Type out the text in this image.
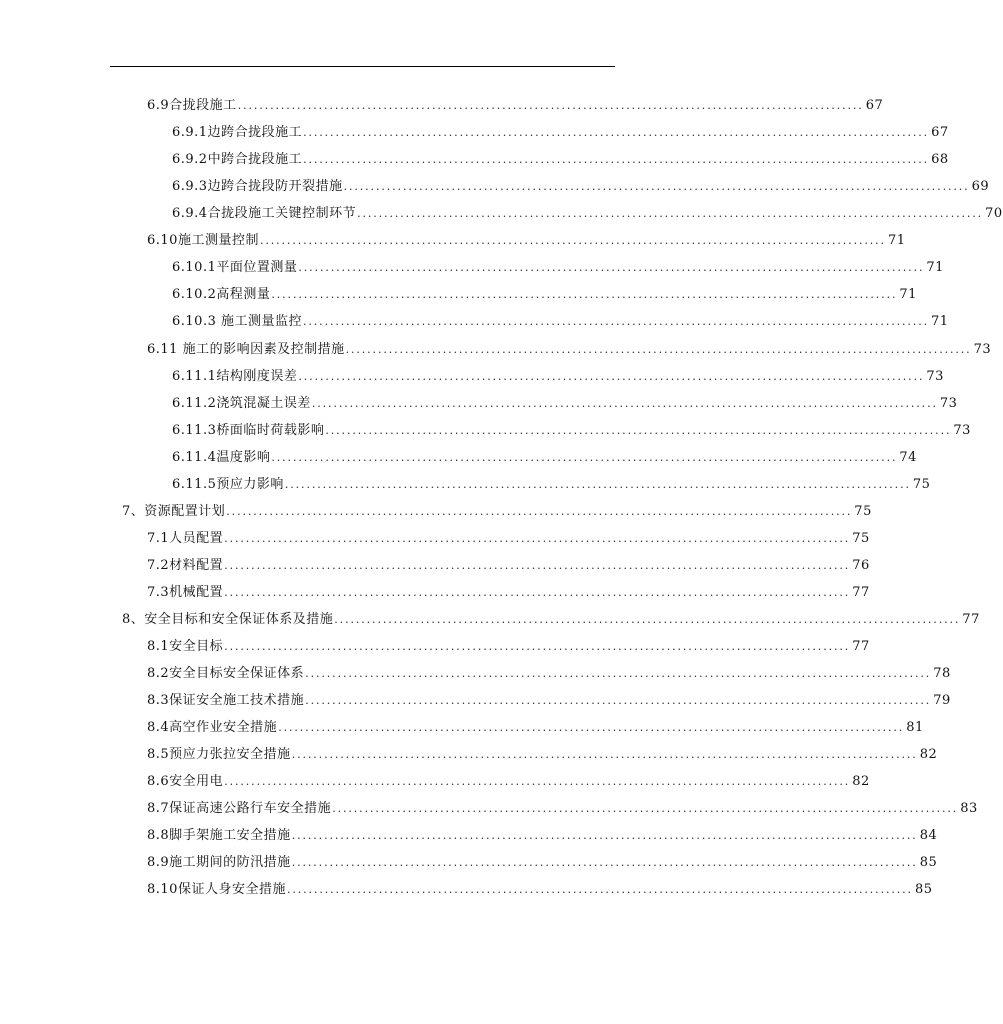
6.9合拢段施工 .................................................................................................................... 67
6.9.1边跨合拢段施工 .................................................................................................................... 67
6.9.2中跨合拢段施工 .................................................................................................................... 68
6.9.3边跨合拢段防开裂措施 .................................................................................................................... 69
6.9.4合拢段施工关键控制环节 .................................................................................................................... 70
6.10施工测量控制 .................................................................................................................... 71
6.10.1平面位置测量 .................................................................................................................... 71
6.10.2高程测量 .................................................................................................................... 71
6.10.3 施工测量监控 .................................................................................................................... 71
6.11 施工的影响因素及控制措施 .................................................................................................................... 73
6.11.1结构刚度误差 .................................................................................................................... 73
6.11.2浇筑混凝土误差 .................................................................................................................... 73
6.11.3桥面临时荷载影响 .................................................................................................................... 73
6.11.4温度影响 .................................................................................................................... 74
6.11.5预应力影响 .................................................................................................................... 75
7、资源配置计划 .................................................................................................................... 75
7.1人员配置 .................................................................................................................... 75
7.2材料配置 .................................................................................................................... 76
7.3机械配置 .................................................................................................................... 77
8、安全目标和安全保证体系及措施 .................................................................................................................... 77
8.1安全目标 .................................................................................................................... 77
8.2安全目标安全保证体系 .................................................................................................................... 78
8.3保证安全施工技术措施 .................................................................................................................... 79
8.4高空作业安全措施 .................................................................................................................... 81
8.5预应力张拉安全措施 .................................................................................................................... 82
8.6安全用电 .................................................................................................................... 82
8.7保证高速公路行车安全措施 .................................................................................................................... 83
8.8脚手架施工安全措施 .................................................................................................................... 84
8.9施工期间的防汛措施 .................................................................................................................... 85
8.10保证人身安全措施 .................................................................................................................... 85
